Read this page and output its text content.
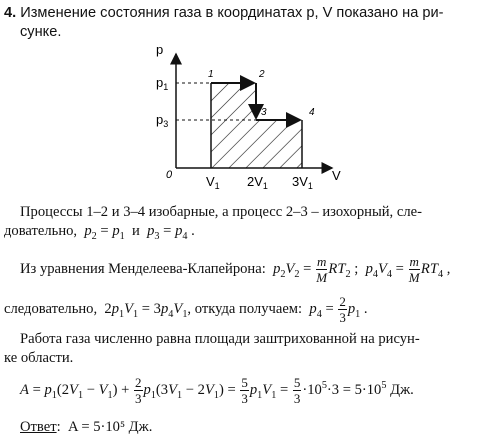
4. Изменение состояния газа в координатах p, V показано на ри-
сунке.
p
V
$p_1$
$p_3$
0	$V_1$ $2V_1$ $3V_1$
1	2
3	4
Процессы 1–2 и 3–4 изобарные, а процесс 2–3 – изохорный, сле-
довательно, $p_2 = p_1$  и  $p_3 = p_4$ .
Из уравнения Менделеева-Клапейрона: $p_2V_2 = \frac{m}{M} RT_2$ ;  $p_4V_4 = \frac{m}{M} RT_4$ ,
следовательно,  $2p_1V_1 = 3p_4V_1$, откуда получаем: $p_4 = \frac{2}{3} p_1$ .
Работа газа численно равна площади заштрихованной на рисун-
ке области.
$A = p_1(2V_1 - V_1) + \frac{2}{3} p_1(3V_1 - 2V_1) = \frac{5}{3} p_1V_1 = \frac{5}{3} \cdot 10^5\cdot 3 = 5\cdot 10^5$ Дж.
Ответ:  A = 5·10⁵ Дж.
